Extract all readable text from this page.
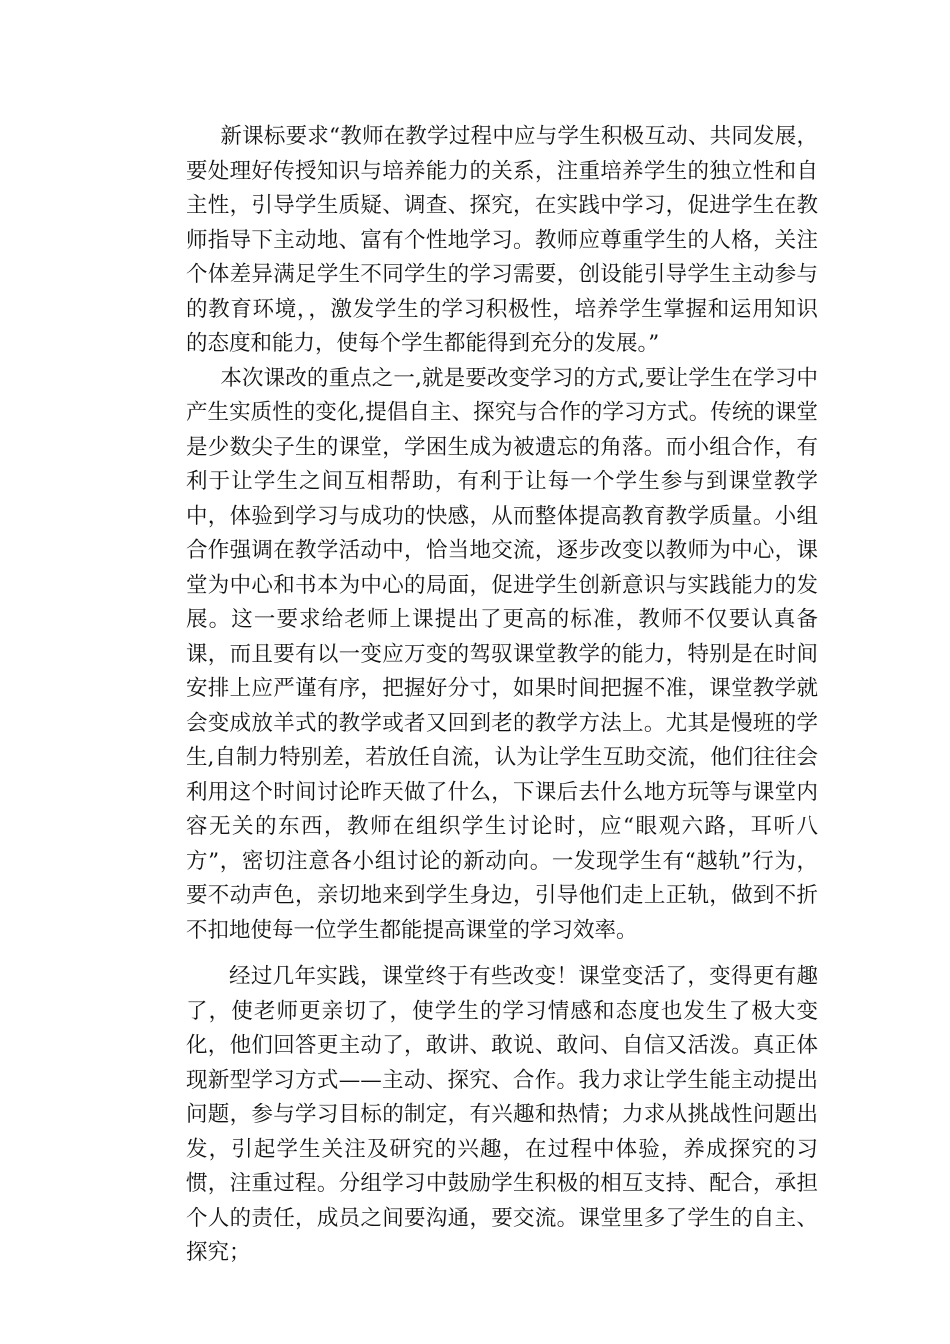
新课标要求“教师在教学过程中应与学生积极互动、共同发展，要处理好传授知识与培养能力的关系，注重培养学生的独立性和自主性，引导学生质疑、调查、探究，在实践中学习，促进学生在教师指导下主动地、富有个性地学习。教师应尊重学生的人格，关注个体差异满足学生不同学生的学习需要，创设能引导学生主动参与的教育环境，，激发学生的学习积极性，培养学生掌握和运用知识的态度和能力，使每个学生都能得到充分的发展。”

本次课改的重点之一,就是要改变学习的方式,要让学生在学习中产生实质性的变化,提倡自主、探究与合作的学习方式。传统的课堂是少数尖子生的课堂，学困生成为被遗忘的角落。而小组合作，有利于让学生之间互相帮助，有利于让每一个学生参与到课堂教学中，体验到学习与成功的快感，从而整体提高教育教学质量。小组合作强调在教学活动中，恰当地交流，逐步改变以教师为中心，课堂为中心和书本为中心的局面，促进学生创新意识与实践能力的发展。这一要求给老师上课提出了更高的标准，教师不仅要认真备课，而且要有以一变应万变的驾驭课堂教学的能力，特别是在时间安排上应严谨有序，把握好分寸，如果时间把握不准，课堂教学就会变成放羊式的教学或者又回到老的教学方法上。尤其是慢班的学生,自制力特别差，若放任自流，认为让学生互助交流，他们往往会利用这个时间讨论昨天做了什么，下课后去什么地方玩等与课堂内容无关的东西，教师在组织学生讨论时，应“眼观六路，耳听八方”，密切注意各小组讨论的新动向。一发现学生有“越轨”行为，要不动声色，亲切地来到学生身边，引导他们走上正轨，做到不折不扣地使每一位学生都能提高课堂的学习效率。

经过几年实践，课堂终于有些改变！课堂变活了，变得更有趣了，使老师更亲切了，使学生的学习情感和态度也发生了极大变化，他们回答更主动了，敢讲、敢说、敢问、自信又活泼。真正体现新型学习方式——主动、探究、合作。我力求让学生能主动提出问题，参与学习目标的制定，有兴趣和热情；力求从挑战性问题出发，引起学生关注及研究的兴趣，在过程中体验，养成探究的习惯，注重过程。分组学习中鼓励学生积极的相互支持、配合，承担个人的责任，成员之间要沟通，要交流。课堂里多了学生的自主、探究；
